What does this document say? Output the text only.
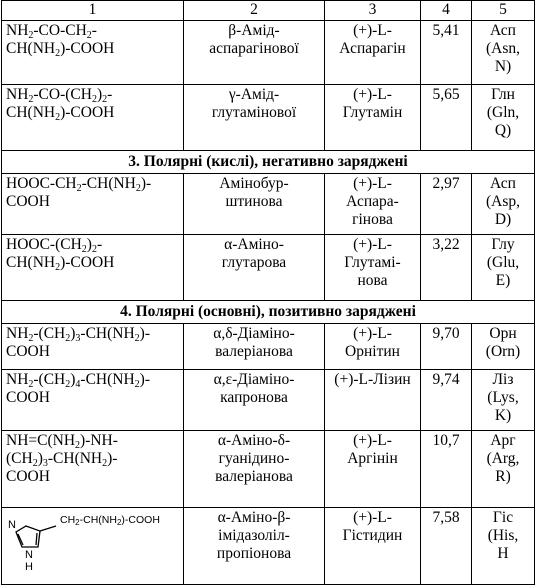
1	2	3	4	5

$NH_2-CO-CH_2-$
$CH(NH_2)$-COOH	β-Амід-
аспарагінової	(+)-L-
Аспарагін	5,41	Асп
(Asn,
N)

$NH_2-CO-(CH_2)_2-$
$CH(NH_2)$-COOH	γ-Амід-
глутамінової	(+)-L-
Глутамін	5,65	Глн
(Gln,
Q)

3. Полярні (кислі), негативно заряджені				

HOOC-$CH_2-CH(NH_2)-$
COOH	Амінобур-
штинова	(+)-L-
Аспара-
гінова	2,97	Асп
(Asp,
D)

HOOC-$(CH_2)_2-$
$CH(NH_2)$-COOH	α-Аміно-
глутарова	(+)-L-
Глутамі-
нова	3,22	Глу
(Glu,
E)

4. Полярні (основні), позитивно заряджені				

$NH_2-(CH_2)_3-CH(NH_2)-$
COOH	α,δ-Діаміно-
валеріанова	(+)-L-
Орнітин	9,70	Орн
(Orn)

$NH_2-(CH_2)_4-CH(NH_2)-$
COOH	α,ε-Діаміно-
капронова	(+)-L-Лізин	9,74	Ліз
(Lys,
K)

$NH=C(NH_2)-NH-$
$(CH_2)_3-CH(NH_2)-$
COOH	α-Аміно-δ-
гуанідино-
валеріанова	(+)-L-
Аргінін	10,7	Арг
(Arg,
R)

N
N
H
$CH_2-CH(NH_2)$-COOH	α-Аміно-β-
імідазоліл-
пропіонова	(+)-L-
Гістидин	7,58	Гіс
(His,
H
